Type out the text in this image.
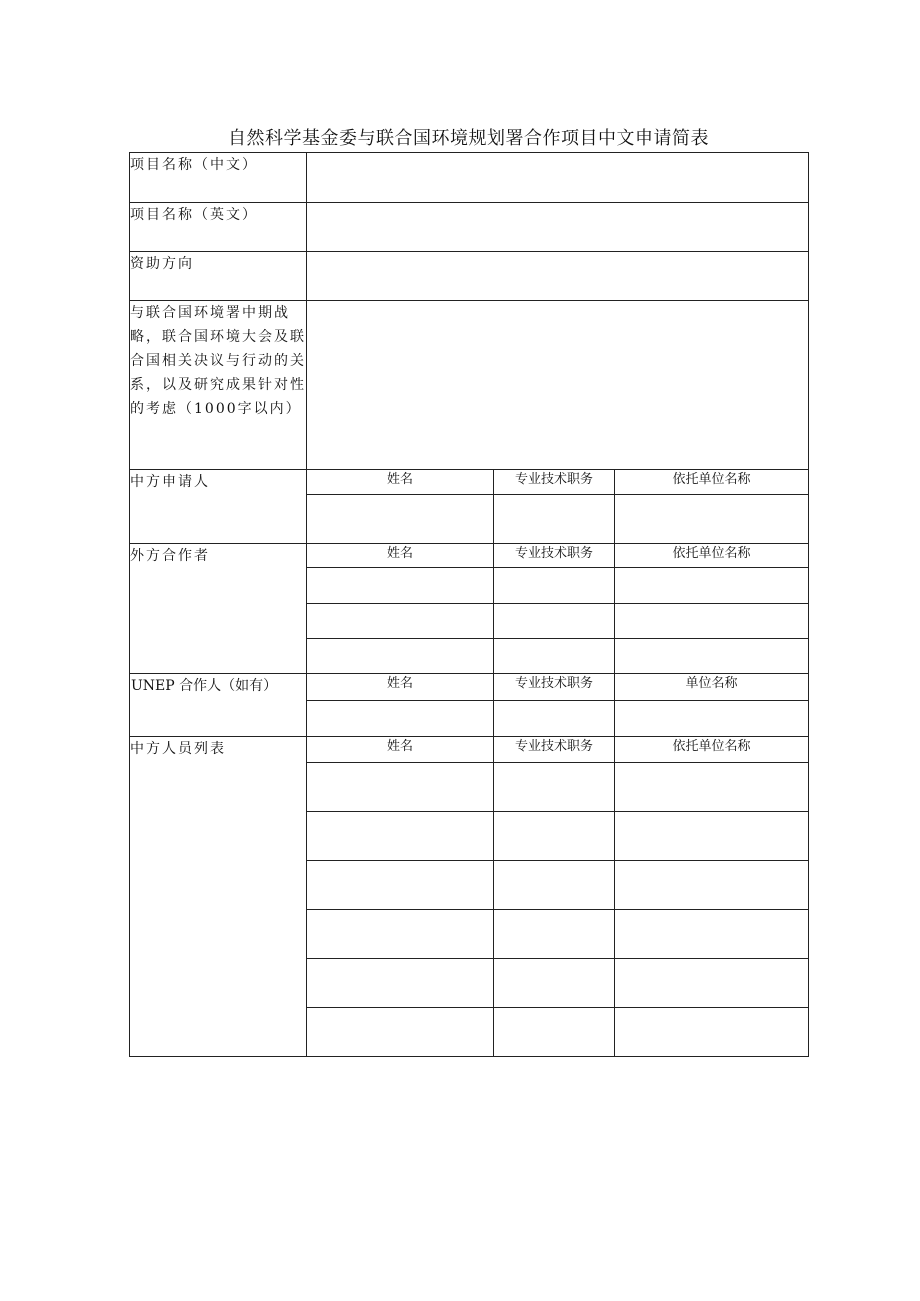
自然科学基金委与联合国环境规划署合作项目中文申请简表
项目名称（中文）			
项目名称（英文）			
资助方向			
与联合国环境署中期战略，联合国环境大会及联合国相关决议与行动的关系，以及研究成果针对性的考虑（1000字以内）			
中方申请人	姓名	专业技术职务	依托单位名称

外方合作者	姓名	专业技术职务	依托单位名称

UNEP 合作人（如有）	姓名	专业技术职务	单位名称

中方人员列表	姓名	专业技术职务	依托单位名称
